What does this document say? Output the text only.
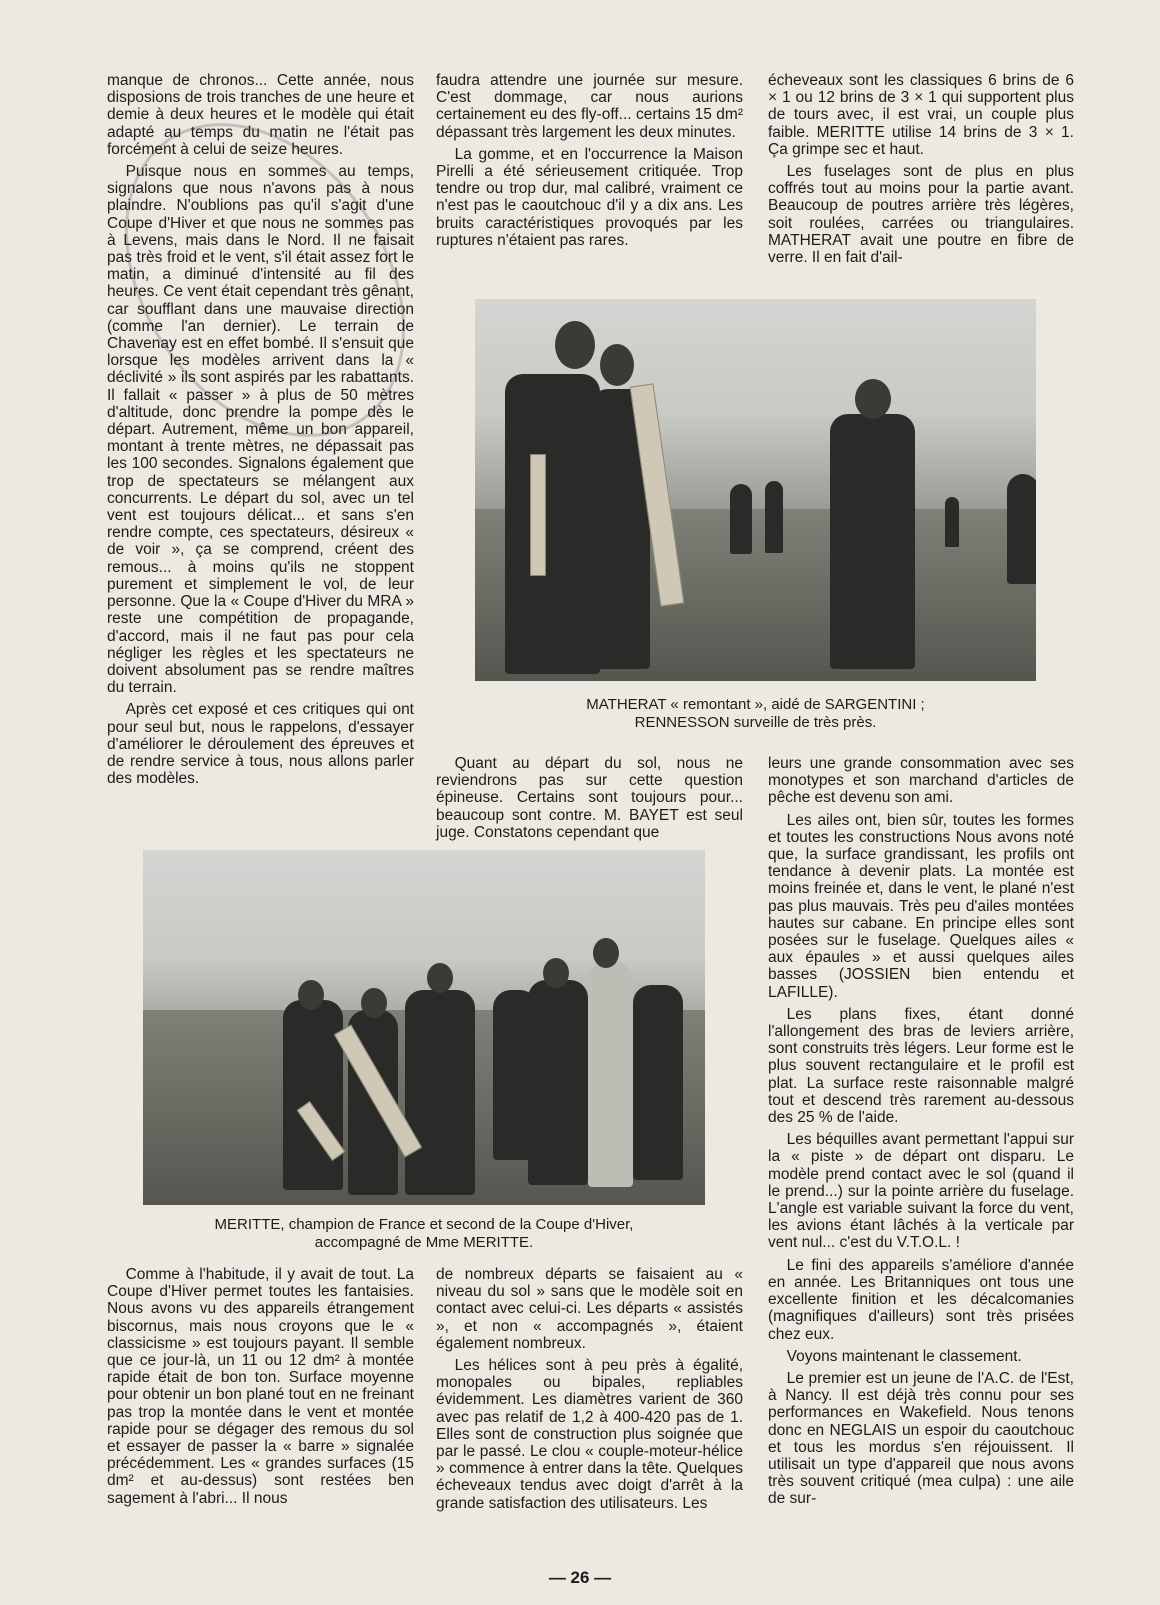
manque de chronos... Cette année, nous disposions de trois tranches de une heure et demie à deux heures et le modèle qui était adapté au temps du matin ne l'était pas forcément à celui de seize heures.

Puisque nous en sommes au temps, signalons que nous n'avons pas à nous plaindre. N'oublions pas qu'il s'agit d'une Coupe d'Hiver et que nous ne sommes pas à Levens, mais dans le Nord. Il ne faisait pas très froid et le vent, s'il était assez fort le matin, a diminué d'intensité au fil des heures. Ce vent était cependant très gênant, car soufflant dans une mauvaise direction (comme l'an dernier). Le terrain de Chavenay est en effet bombé. Il s'ensuit que lorsque les modèles arrivent dans la « déclivité » ils sont aspirés par les rabattants. Il fallait « passer » à plus de 50 mètres d'altitude, donc prendre la pompe dès le départ. Autrement, même un bon appareil, montant à trente mètres, ne dépassait pas les 100 secondes. Signalons également que trop de spectateurs se mélangent aux concurrents. Le départ du sol, avec un tel vent est toujours délicat... et sans s'en rendre compte, ces spectateurs, désireux « de voir », ça se comprend, créent des remous... à moins qu'ils ne stoppent purement et simplement le vol, de leur personne. Que la « Coupe d'Hiver du MRA » reste une compétition de propagande, d'accord, mais il ne faut pas pour cela négliger les règles et les spectateurs ne doivent absolument pas se rendre maîtres du terrain.

Après cet exposé et ces critiques qui ont pour seul but, nous le rappelons, d'essayer d'améliorer le déroulement des épreuves et de rendre service à tous, nous allons parler des modèles.

faudra attendre une journée sur mesure. C'est dommage, car nous aurions certainement eu des fly-off... certains 15 dm² dépassant très largement les deux minutes.

La gomme, et en l'occurrence la Maison Pirelli a été sérieusement critiquée. Trop tendre ou trop dur, mal calibré, vraiment ce n'est pas le caoutchouc d'il y a dix ans. Les bruits caractéristiques provoqués par les ruptures n'étaient pas rares.

écheveaux sont les classiques 6 brins de 6 × 1 ou 12 brins de 3 × 1 qui supportent plus de tours avec, il est vrai, un couple plus faible. MERITTE utilise 14 brins de 3 × 1. Ça grimpe sec et haut.

Les fuselages sont de plus en plus coffrés tout au moins pour la partie avant. Beaucoup de poutres arrière très légères, soit roulées, carrées ou triangulaires. MATHERAT avait une poutre en fibre de verre. Il en fait d'ail-

MATHERAT « remontant », aidé de SARGENTINI ;
RENNESSON surveille de très près.

Quant au départ du sol, nous ne reviendrons pas sur cette question épineuse. Certains sont toujours pour... beaucoup sont contre. M. BAYET est seul juge. Constatons cependant que

leurs une grande consommation avec ses monotypes et son marchand d'articles de pêche est devenu son ami.

Les ailes ont, bien sûr, toutes les formes et toutes les constructions Nous avons noté que, la surface grandissant, les profils ont tendance à devenir plats. La montée est moins freinée et, dans le vent, le plané n'est pas plus mauvais. Très peu d'ailes montées hautes sur cabane. En principe elles sont posées sur le fuselage. Quelques ailes « aux épaules » et aussi quelques ailes basses (JOSSIEN bien entendu et LAFILLE).

Les plans fixes, étant donné l'allongement des bras de leviers arrière, sont construits très légers. Leur forme est le plus souvent rectangulaire et le profil est plat. La surface reste raisonnable malgré tout et descend très rarement au-dessous des 25 % de l'aide.

Les béquilles avant permettant l'appui sur la « piste » de départ ont disparu. Le modèle prend contact avec le sol (quand il le prend...) sur la pointe arrière du fuselage. L'angle est variable suivant la force du vent, les avions étant lâchés à la verticale par vent nul... c'est du V.T.O.L. !

Le fini des appareils s'améliore d'année en année. Les Britanniques ont tous une excellente finition et les décalcomanies (magnifiques d'ailleurs) sont très prisées chez eux.

Voyons maintenant le classement.

Le premier est un jeune de l'A.C. de l'Est, à Nancy. Il est déjà très connu pour ses performances en Wakefield. Nous tenons donc en NEGLAIS un espoir du caoutchouc et tous les mordus s'en réjouissent. Il utilisait un type d'appareil que nous avons très souvent critiqué (mea culpa) : une aile de sur-

MERITTE, champion de France et second de la Coupe d'Hiver,
accompagné de Mme MERITTE.

Comme à l'habitude, il y avait de tout. La Coupe d'Hiver permet toutes les fantaisies. Nous avons vu des appareils étrangement biscornus, mais nous croyons que le « classicisme » est toujours payant. Il semble que ce jour-là, un 11 ou 12 dm² à montée rapide était de bon ton. Surface moyenne pour obtenir un bon plané tout en ne freinant pas trop la montée dans le vent et montée rapide pour se dégager des remous du sol et essayer de passer la « barre » signalée précédemment. Les « grandes surfaces (15 dm² et au-dessus) sont restées ben sagement à l'abri... Il nous

de nombreux départs se faisaient au « niveau du sol » sans que le modèle soit en contact avec celui-ci. Les départs « assistés », et non « accompagnés », étaient également nombreux.

Les hélices sont à peu près à égalité, monopales ou bipales, repliables évidemment. Les diamètres varient de 360 avec pas relatif de 1,2 à 400-420 pas de 1. Elles sont de construction plus soignée que par le passé. Le clou « couple-moteur-hélice » commence à entrer dans la tête. Quelques écheveaux tendus avec doigt d'arrêt à la grande satisfaction des utilisateurs. Les

— 26 —
